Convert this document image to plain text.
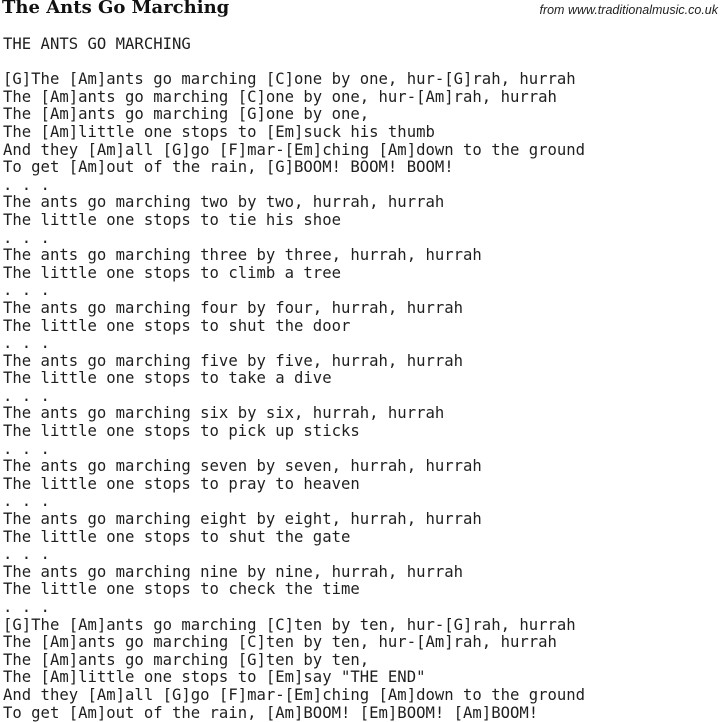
The Ants Go Marching	from www.traditionalmusic.co.uk
THE ANTS GO MARCHING
[G]The [Am]ants go marching [C]one by one, hur-[G]rah, hurrah
The [Am]ants go marching [C]one by one, hur-[Am]rah, hurrah
The [Am]ants go marching [G]one by one,
The [Am]little one stops to [Em]suck his thumb
And they [Am]all [G]go [F]mar-[Em]ching [Am]down to the ground
To get [Am]out of the rain, [G]BOOM! BOOM! BOOM!
. . .
The ants go marching two by two, hurrah, hurrah
The little one stops to tie his shoe
. . .
The ants go marching three by three, hurrah, hurrah
The little one stops to climb a tree
. . .
The ants go marching four by four, hurrah, hurrah
The little one stops to shut the door
. . .
The ants go marching five by five, hurrah, hurrah
The little one stops to take a dive
. . .
The ants go marching six by six, hurrah, hurrah
The little one stops to pick up sticks
. . .
The ants go marching seven by seven, hurrah, hurrah
The little one stops to pray to heaven
. . .
The ants go marching eight by eight, hurrah, hurrah
The little one stops to shut the gate
. . .
The ants go marching nine by nine, hurrah, hurrah
The little one stops to check the time
. . .
[G]The [Am]ants go marching [C]ten by ten, hur-[G]rah, hurrah
The [Am]ants go marching [C]ten by ten, hur-[Am]rah, hurrah
The [Am]ants go marching [G]ten by ten,
The [Am]little one stops to [Em]say "THE END"
And they [Am]all [G]go [F]mar-[Em]ching [Am]down to the ground
To get [Am]out of the rain, [Am]BOOM! [Em]BOOM! [Am]BOOM!
